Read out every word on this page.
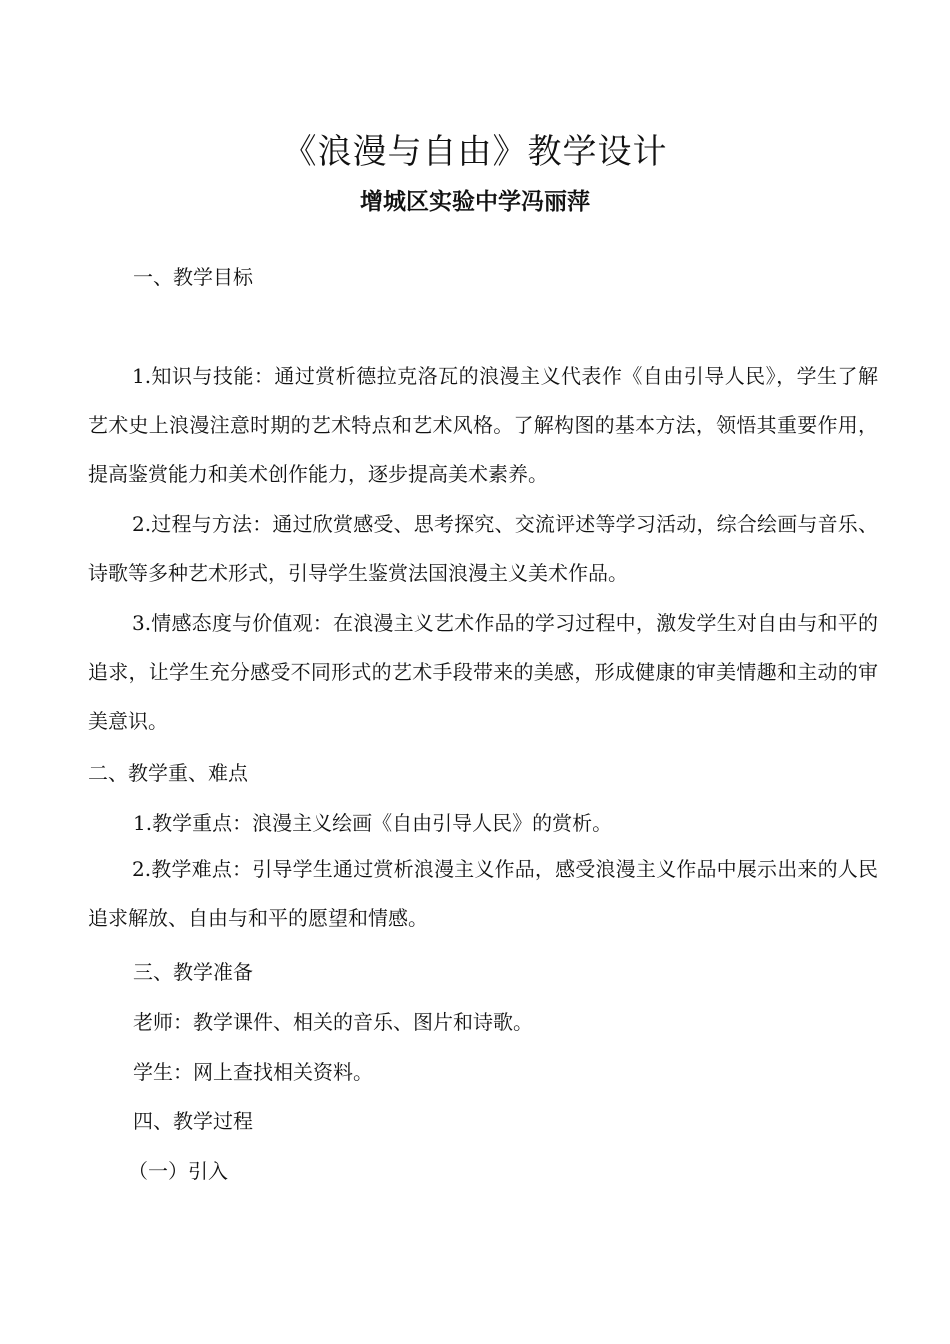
《浪漫与自由》教学设计
增城区实验中学冯丽萍

一、教学目标

1.知识与技能：通过赏析德拉克洛瓦的浪漫主义代表作《自由引导人民》，学生了解艺术史上浪漫注意时期的艺术特点和艺术风格。了解构图的基本方法，领悟其重要作用，提高鉴赏能力和美术创作能力，逐步提高美术素养。

2.过程与方法：通过欣赏感受、思考探究、交流评述等学习活动，综合绘画与音乐、诗歌等多种艺术形式，引导学生鉴赏法国浪漫主义美术作品。

3.情感态度与价值观：在浪漫主义艺术作品的学习过程中，激发学生对自由与和平的追求，让学生充分感受不同形式的艺术手段带来的美感，形成健康的审美情趣和主动的审美意识。

二、教学重、难点

1.教学重点：浪漫主义绘画《自由引导人民》的赏析。

2.教学难点：引导学生通过赏析浪漫主义作品，感受浪漫主义作品中展示出来的人民追求解放、自由与和平的愿望和情感。

三、教学准备

老师：教学课件、相关的音乐、图片和诗歌。

学生：网上查找相关资料。

四、教学过程

（一）引入
